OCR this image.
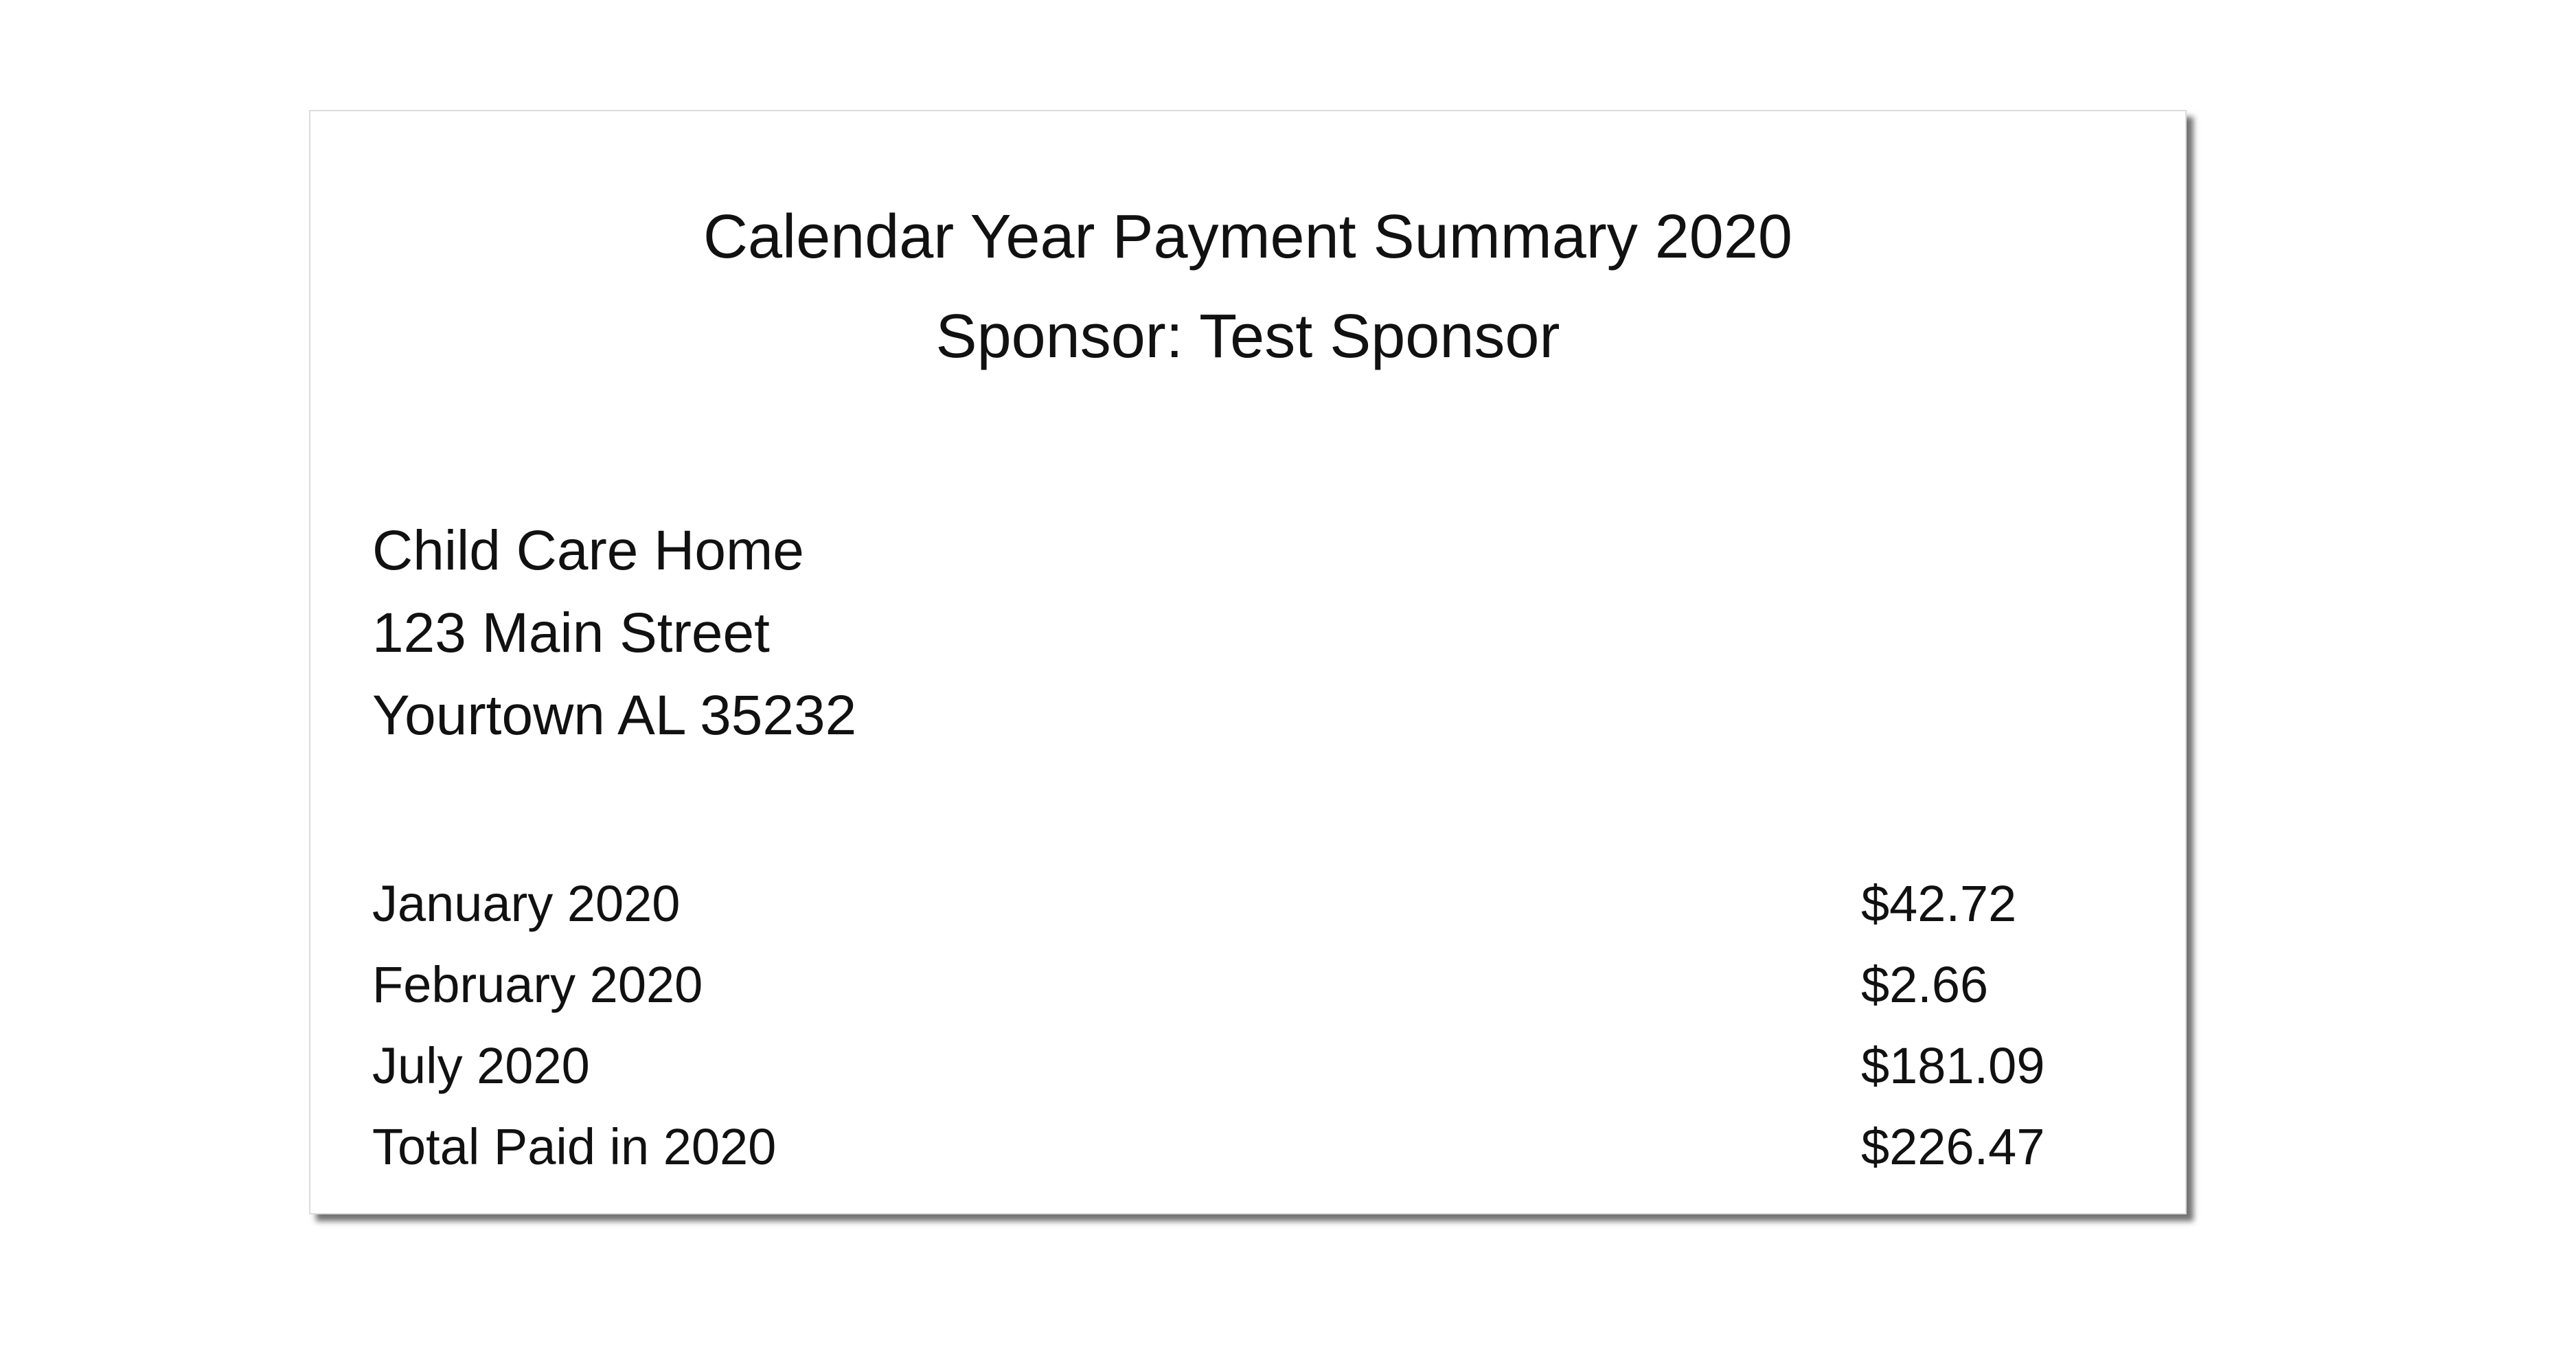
Calendar Year Payment Summary 2020
Sponsor: Test Sponsor
Child Care Home
123 Main Street
Yourtown AL 35232
January 2020	$42.72
February 2020	$2.66
July 2020	$181.09
Total Paid in 2020	$226.47
